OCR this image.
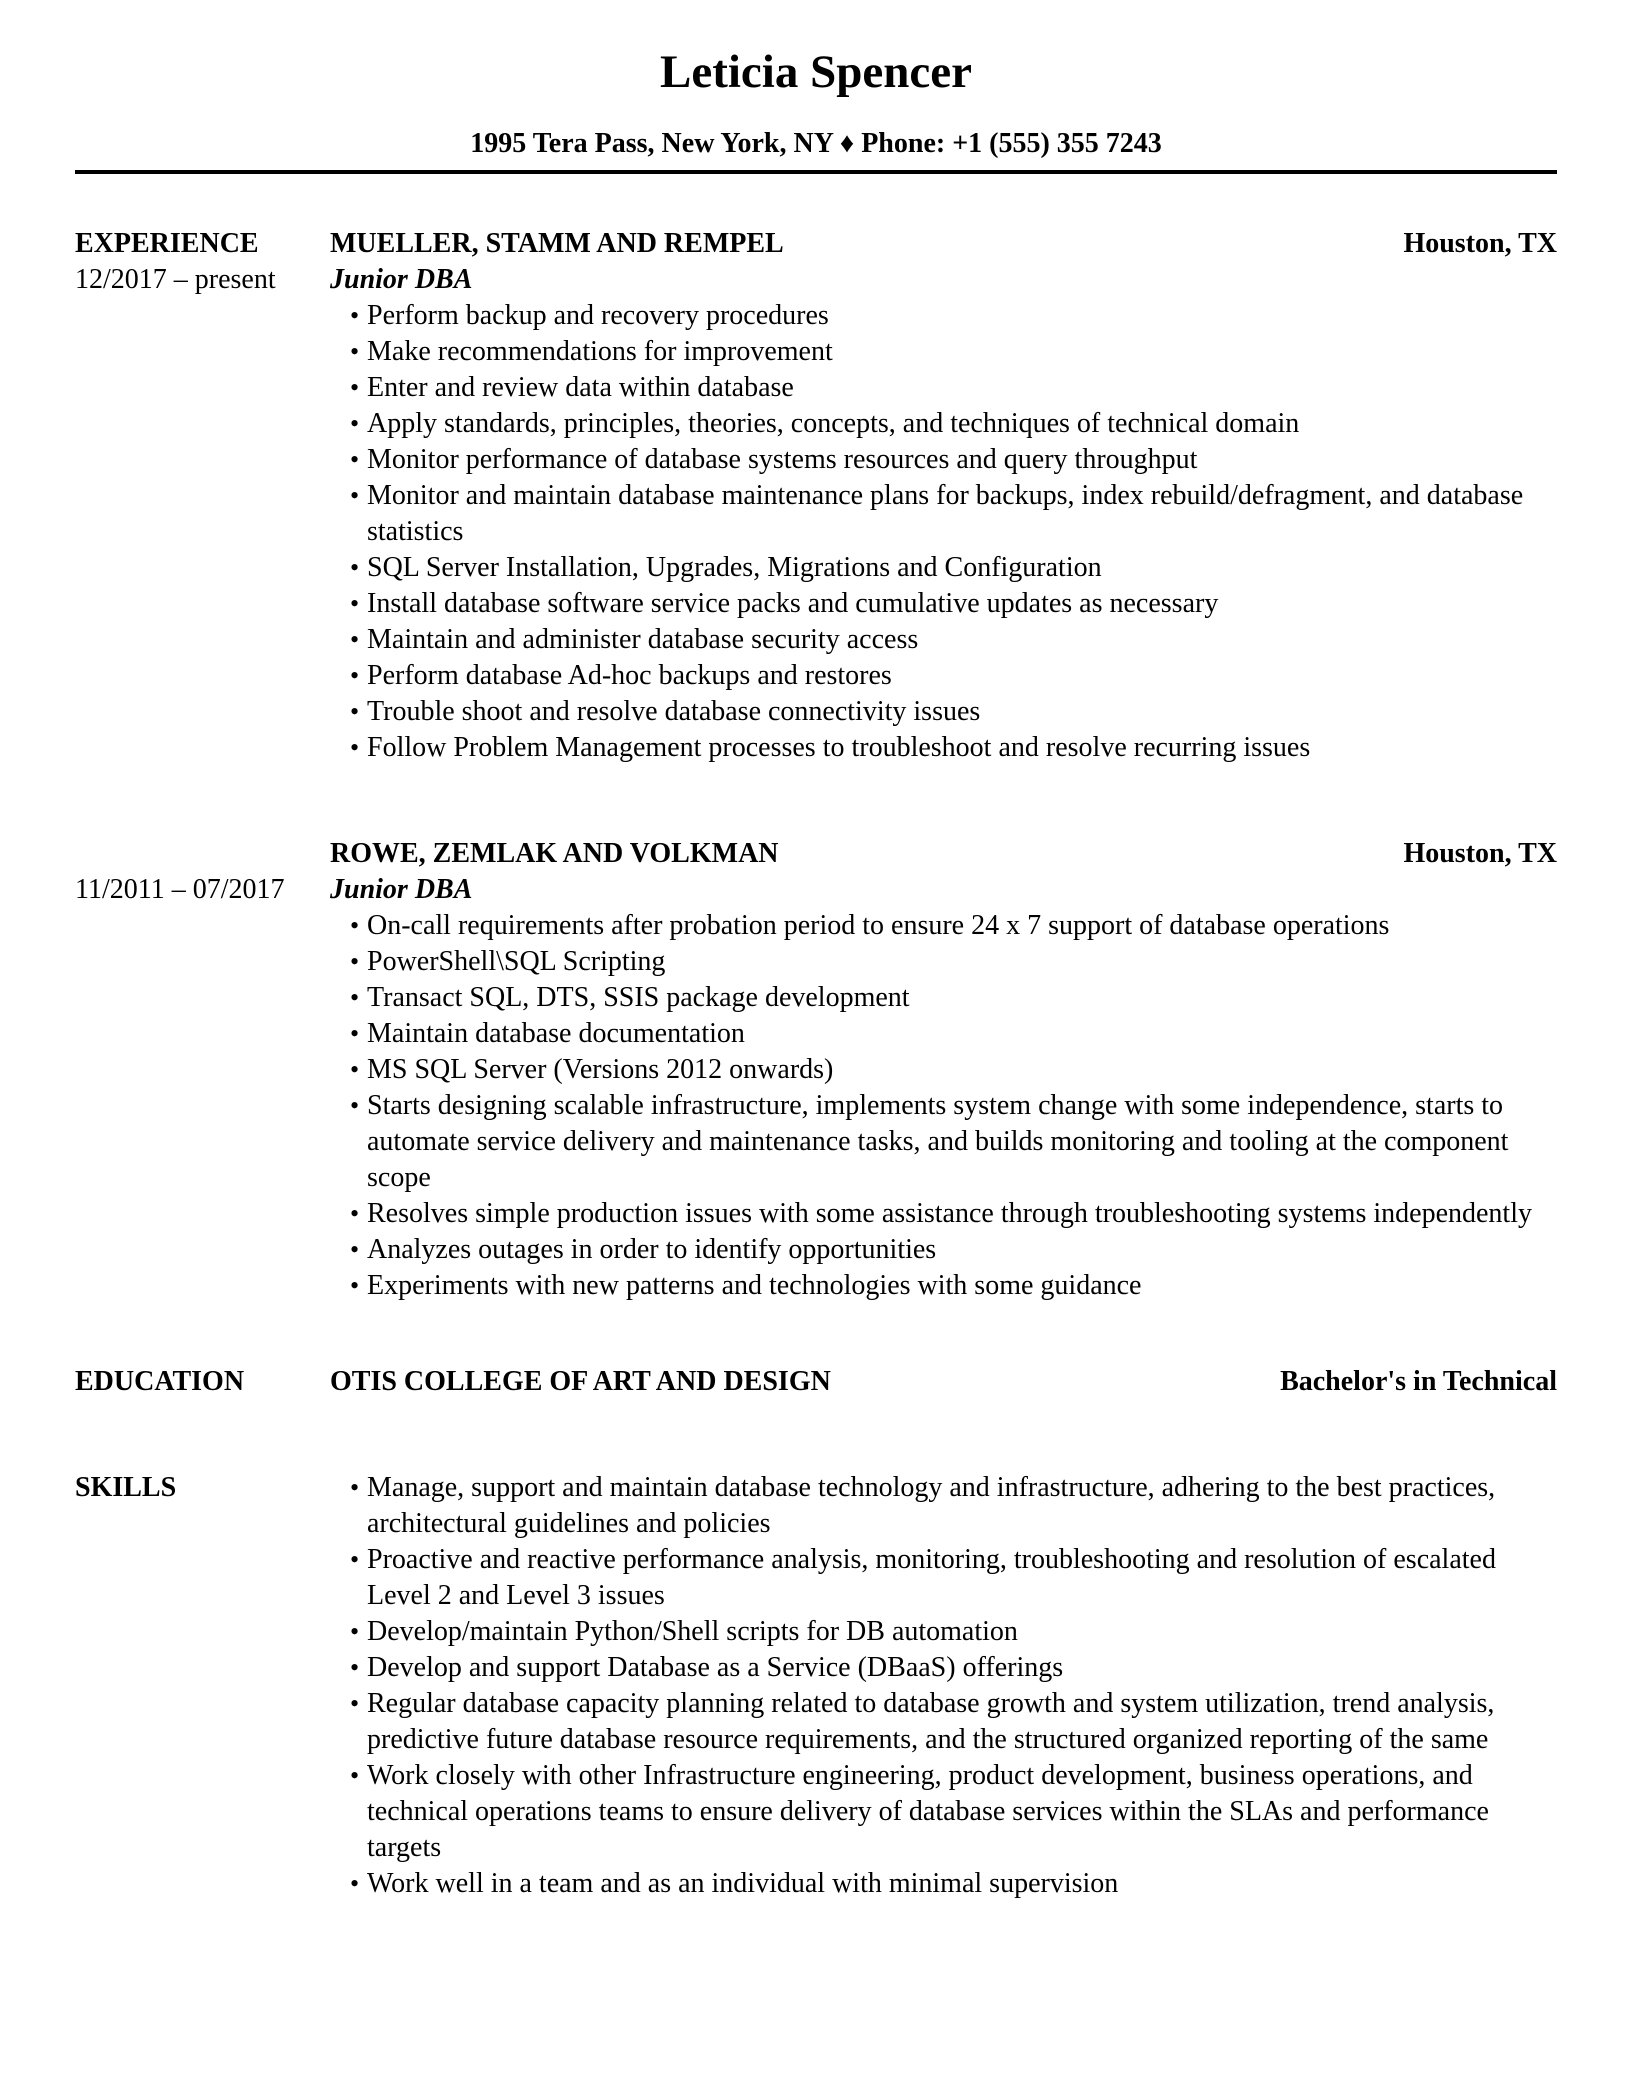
Leticia Spencer
1995 Tera Pass, New York, NY ♦ Phone: +1 (555) 355 7243
EXPERIENCE
12/2017 – present
MUELLER, STAMM AND REMPEL	Houston, TX
Junior DBA
• Perform backup and recovery procedures
• Make recommendations for improvement
• Enter and review data within database
• Apply standards, principles, theories, concepts, and techniques of technical domain
• Monitor performance of database systems resources and query throughput
• Monitor and maintain database maintenance plans for backups, index rebuild/defragment, and database statistics
• SQL Server Installation, Upgrades, Migrations and Configuration
• Install database software service packs and cumulative updates as necessary
• Maintain and administer database security access
• Perform database Ad-hoc backups and restores
• Trouble shoot and resolve database connectivity issues
• Follow Problem Management processes to troubleshoot and resolve recurring issues
11/2011 – 07/2017
ROWE, ZEMLAK AND VOLKMAN	Houston, TX
Junior DBA
• On-call requirements after probation period to ensure 24 x 7 support of database operations
• PowerShell\SQL Scripting
• Transact SQL, DTS, SSIS package development
• Maintain database documentation
• MS SQL Server (Versions 2012 onwards)
• Starts designing scalable infrastructure, implements system change with some independence, starts to automate service delivery and maintenance tasks, and builds monitoring and tooling at the component scope
• Resolves simple production issues with some assistance through troubleshooting systems independently
• Analyzes outages in order to identify opportunities
• Experiments with new patterns and technologies with some guidance
EDUCATION	OTIS COLLEGE OF ART AND DESIGN	Bachelor's in Technical
SKILLS	• Manage, support and maintain database technology and infrastructure, adhering to the best practices, architectural guidelines and policies
• Proactive and reactive performance analysis, monitoring, troubleshooting and resolution of escalated Level 2 and Level 3 issues
• Develop/maintain Python/Shell scripts for DB automation
• Develop and support Database as a Service (DBaaS) offerings
• Regular database capacity planning related to database growth and system utilization, trend analysis, predictive future database resource requirements, and the structured organized reporting of the same
• Work closely with other Infrastructure engineering, product development, business operations, and technical operations teams to ensure delivery of database services within the SLAs and performance targets
• Work well in a team and as an individual with minimal supervision
